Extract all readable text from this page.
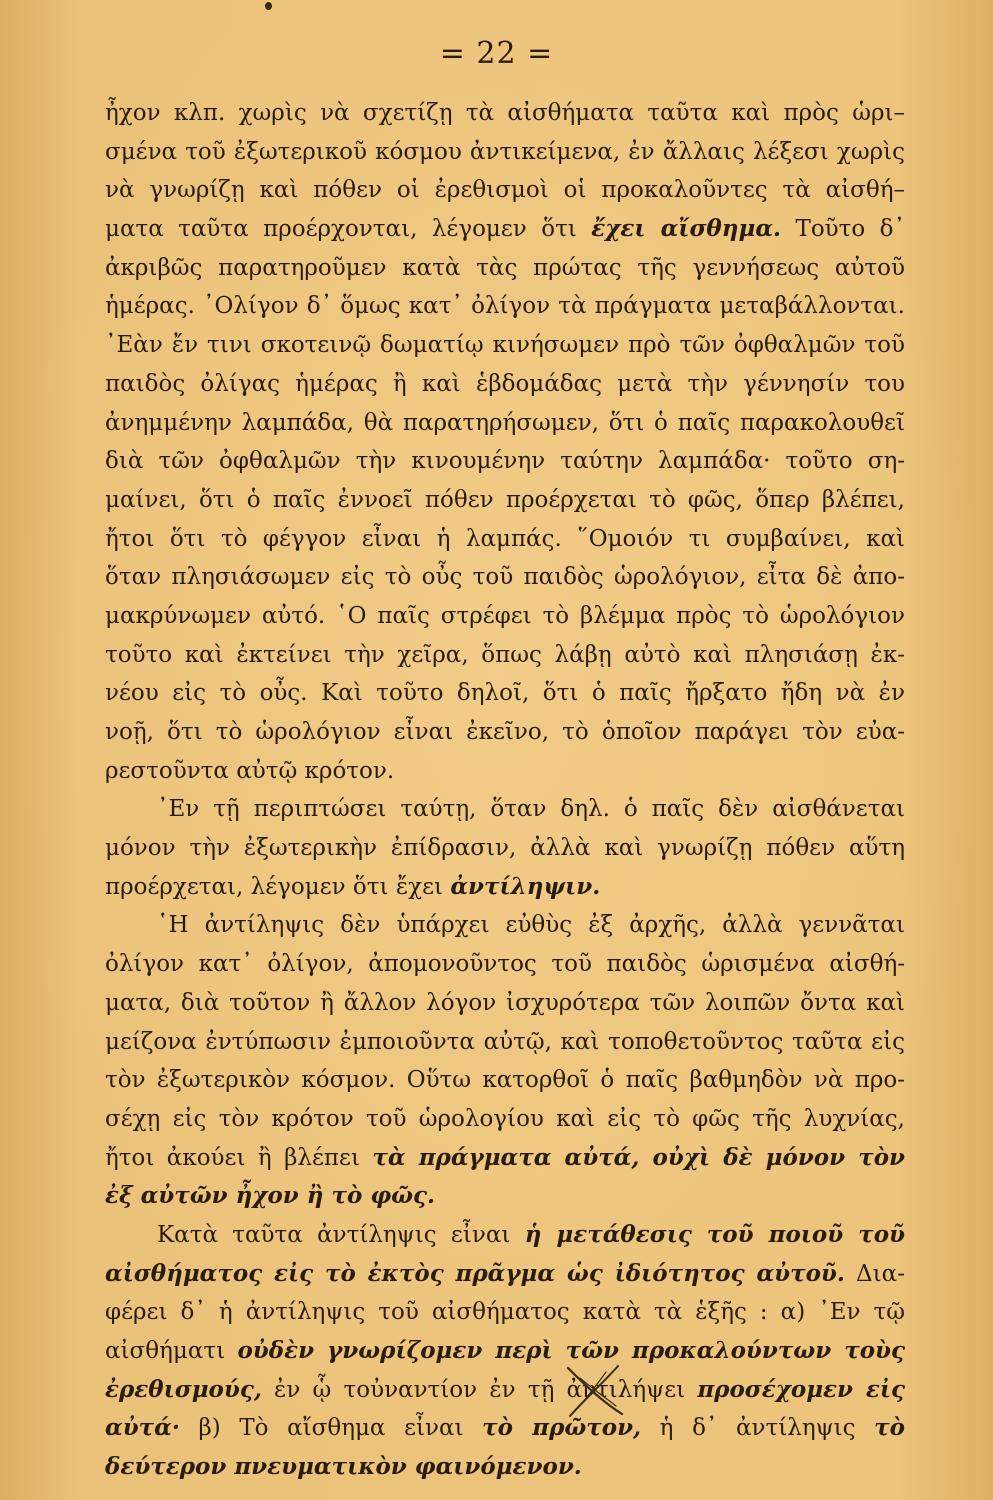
= 22 =
ἦχον κλπ. χωρὶς νὰ σχετίζῃ τὰ αἰσθήματα ταῦτα καὶ πρὸς ὡρι–
σμένα τοῦ ἐξωτερικοῦ κόσμου ἀντικείμενα, ἐν ἄλλαις λέξεσι χωρὶς
νὰ γνωρίζῃ καὶ πόθεν οἱ ἐρεθισμοὶ οἱ προκαλοῦντες τὰ αἰσθή–
ματα ταῦτα προέρχονται, λέγομεν ὅτι ἔχει αἴσθημα. Τοῦτο δ᾽
ἀκριβῶς παρατηροῦμεν κατὰ τὰς πρώτας τῆς γεννήσεως αὐτοῦ
ἡμέρας. ᾽Ολίγον δ᾽ ὅμως κατ᾽ ὀλίγον τὰ πράγματα μεταβάλλονται.
᾽Εὰν ἔν τινι σκοτεινῷ δωματίῳ κινήσωμεν πρὸ τῶν ὀφθαλμῶν τοῦ
παιδὸς ὀλίγας ἡμέρας ἢ καὶ ἑβδομάδας μετὰ τὴν γέννησίν του
ἀνημμένην λαμπάδα, θὰ παρατηρήσωμεν, ὅτι ὁ παῖς παρακολουθεῖ
διὰ τῶν ὀφθαλμῶν τὴν κινουμένην ταύτην λαμπάδα· τοῦτο ση-
μαίνει, ὅτι ὁ παῖς ἐννοεῖ πόθεν προέρχεται τὸ φῶς, ὅπερ βλέπει,
ἤτοι ὅτι τὸ φέγγον εἶναι ἡ λαμπάς. ῞Ομοιόν τι συμβαίνει, καὶ
ὅταν πλησιάσωμεν εἰς τὸ οὖς τοῦ παιδὸς ὡρολόγιον, εἶτα δὲ ἀπο-
μακρύνωμεν αὐτό. ῾Ο παῖς στρέφει τὸ βλέμμα πρὸς τὸ ὡρολόγιον
τοῦτο καὶ ἐκτείνει τὴν χεῖρα, ὅπως λάβῃ αὐτὸ καὶ πλησιάσῃ ἐκ-
νέου εἰς τὸ οὖς. Καὶ τοῦτο δηλοῖ, ὅτι ὁ παῖς ἤρξατο ἤδη νὰ ἐν
νοῇ, ὅτι τὸ ὡρολόγιον εἶναι ἐκεῖνο, τὸ ὁποῖον παράγει τὸν εὐα-
ρεστοῦντα αὐτῷ κρότον.
᾽Εν τῇ περιπτώσει ταύτῃ, ὅταν δηλ. ὁ παῖς δὲν αἰσθάνεται
μόνον τὴν ἐξωτερικὴν ἐπίδρασιν, ἀλλὰ καὶ γνωρίζῃ πόθεν αὕτη
προέρχεται, λέγομεν ὅτι ἔχει ἀντίληψιν.
῾Η ἀντίληψις δὲν ὑπάρχει εὐθὺς ἐξ ἀρχῆς, ἀλλὰ γεννᾶται
ὀλίγον κατ᾽ ὀλίγον, ἀπομονοῦντος τοῦ παιδὸς ὡρισμένα αἰσθή-
ματα, διὰ τοῦτον ἢ ἄλλον λόγον ἰσχυρότερα τῶν λοιπῶν ὄντα καὶ
μείζονα ἐντύπωσιν ἐμποιοῦντα αὐτῷ, καὶ τοποθετοῦντος ταῦτα εἰς
τὸν ἐξωτερικὸν κόσμον. Οὕτω κατορθοῖ ὁ παῖς βαθμηδὸν νὰ προ-
σέχῃ εἰς τὸν κρότον τοῦ ὡρολογίου καὶ εἰς τὸ φῶς τῆς λυχνίας,
ἤτοι ἀκούει ἢ βλέπει τὰ πράγματα αὐτά, οὐχὶ δὲ μόνον τὸν
ἐξ αὐτῶν ἦχον ἢ τὸ φῶς.
Κατὰ ταῦτα ἀντίληψις εἶναι ἡ μετάθεσις τοῦ ποιοῦ τοῦ
αἰσθήματος εἰς τὸ ἐκτὸς πρᾶγμα ὡς ἰδιότητος αὐτοῦ. Δια-
φέρει δ᾽ ἡ ἀντίληψις τοῦ αἰσθήματος κατὰ τὰ ἑξῆς : α) ᾽Εν τῷ
αἰσθήματι οὐδὲν γνωρίζομεν περὶ τῶν προκαλούντων τοὺς
ἐρεθισμούς, ἐν ᾧ τοὐναντίον ἐν τῇ ἀντιλήψει προσέχομεν εἰς
αὐτά· β) Τὸ αἴσθημα εἶναι τὸ πρῶτον, ἡ δ᾽ ἀντίληψις τὸ
δεύτερον πνευματικὸν φαινόμενον.
